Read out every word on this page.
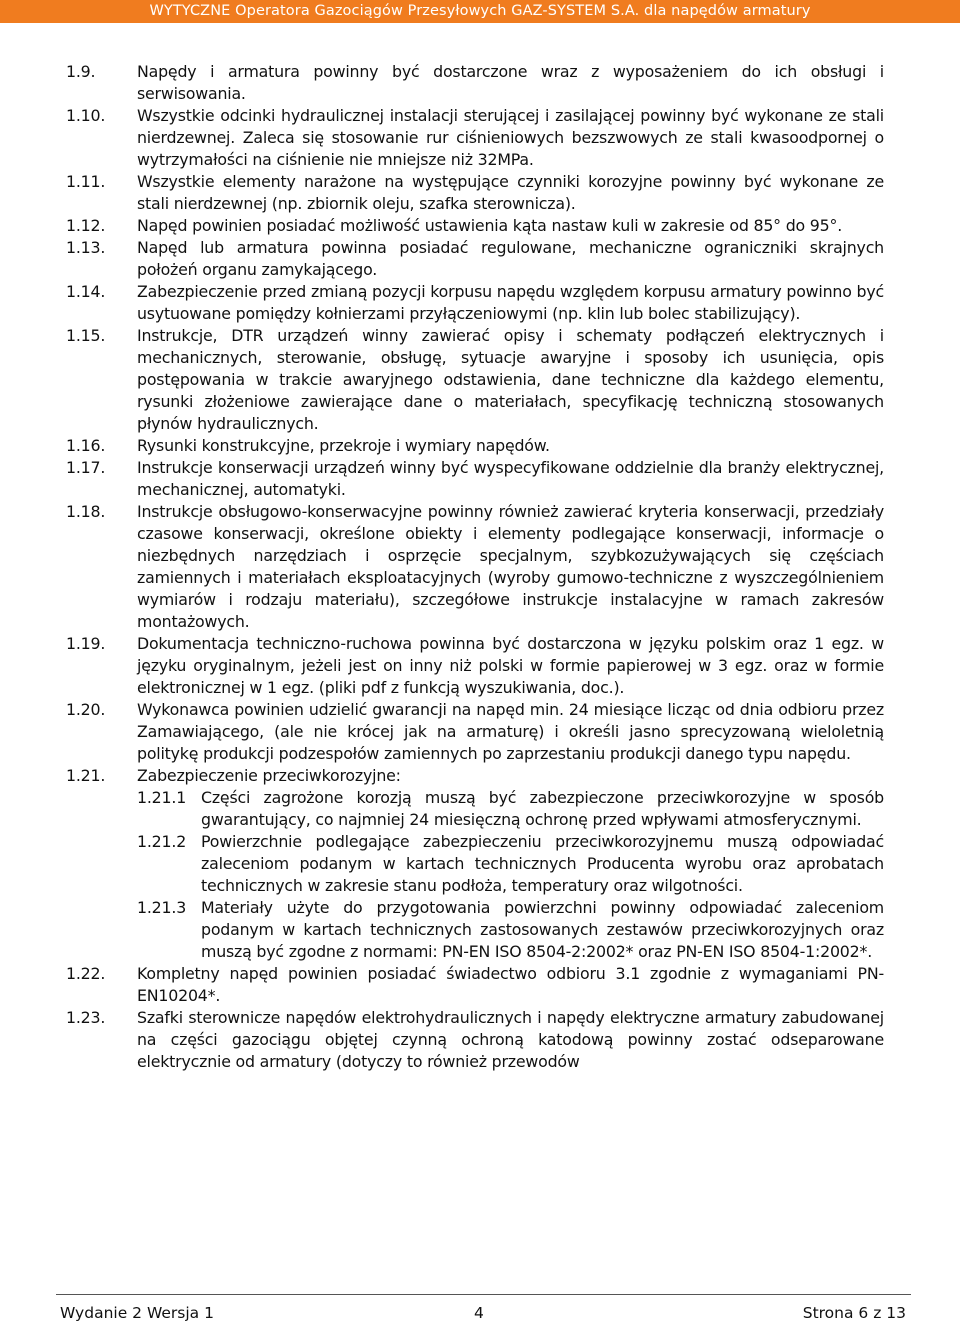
WYTYCZNE Operatora Gazociągów Przesyłowych GAZ-SYSTEM S.A. dla napędów armatury
1.9.	Napędy i armatura powinny być dostarczone wraz z wyposażeniem do ich obsługi i serwisowania.
1.10.	Wszystkie odcinki hydraulicznej instalacji sterującej i zasilającej powinny być wykonane ze stali nierdzewnej. Zaleca się stosowanie rur ciśnieniowych bezszwowych ze stali kwasoodpornej o wytrzymałości na ciśnienie nie mniejsze niż 32MPa.
1.11.	Wszystkie elementy narażone na występujące czynniki korozyjne powinny być wykonane ze stali nierdzewnej (np. zbiornik oleju, szafka sterownicza).
1.12.	Napęd powinien posiadać możliwość ustawienia kąta nastaw kuli w zakresie od 85° do 95°.
1.13.	Napęd lub armatura powinna posiadać regulowane, mechaniczne ograniczniki skrajnych położeń organu zamykającego.
1.14.	Zabezpieczenie przed zmianą pozycji korpusu napędu względem korpusu armatury powinno być usytuowane pomiędzy kołnierzami przyłączeniowymi (np. klin lub bolec stabilizujący).
1.15.	Instrukcje, DTR urządzeń winny zawierać opisy i schematy podłączeń elektrycznych i mechanicznych, sterowanie, obsługę, sytuacje awaryjne i sposoby ich usunięcia, opis postępowania w trakcie awaryjnego odstawienia, dane techniczne dla każdego elementu, rysunki złożeniowe zawierające dane o materiałach, specyfikację techniczną stosowanych płynów hydraulicznych.
1.16.	Rysunki konstrukcyjne, przekroje i wymiary napędów.
1.17.	Instrukcje konserwacji urządzeń winny być wyspecyfikowane oddzielnie dla branży elektrycznej, mechanicznej, automatyki.
1.18.	Instrukcje obsługowo-konserwacyjne powinny również zawierać kryteria konserwacji, przedziały czasowe konserwacji, określone obiekty i elementy podlegające konserwacji, informacje o niezbędnych narzędziach i osprzęcie specjalnym, szybkozużywających się częściach zamiennych i materiałach eksploatacyjnych (wyroby gumowo-techniczne z wyszczególnieniem wymiarów i rodzaju materiału), szczegółowe instrukcje instalacyjne w ramach zakresów montażowych.
1.19.	Dokumentacja techniczno-ruchowa powinna być dostarczona w języku polskim oraz 1 egz. w języku oryginalnym, jeżeli jest on inny niż polski w formie papierowej w 3 egz. oraz w formie elektronicznej w 1 egz. (pliki pdf z funkcją wyszukiwania, doc.).
1.20.	Wykonawca powinien udzielić gwarancji na napęd min. 24 miesiące licząc od dnia odbioru przez Zamawiającego, (ale nie krócej jak na armaturę) i określi jasno sprecyzowaną wieloletnią politykę produkcji podzespołów zamiennych po zaprzestaniu produkcji danego typu napędu.
1.21.	Zabezpieczenie przeciwkorozyjne:
1.21.1 Części zagrożone korozją muszą być zabezpieczone przeciwkorozyjne w sposób gwarantujący, co najmniej 24 miesięczną ochronę przed wpływami atmosferycznymi.
1.21.2 Powierzchnie podlegające zabezpieczeniu przeciwkorozyjnemu muszą odpowiadać zaleceniom podanym w kartach technicznych Producenta wyrobu oraz aprobatach technicznych w zakresie stanu podłoża, temperatury oraz wilgotności.
1.21.3 Materiały użyte do przygotowania powierzchni powinny odpowiadać zaleceniom podanym w kartach technicznych zastosowanych zestawów przeciwkorozyjnych oraz muszą być zgodne z normami: PN-EN ISO 8504-2:2002* oraz PN-EN ISO 8504-1:2002*.
1.22.	Kompletny napęd powinien posiadać świadectwo odbioru 3.1 zgodnie z wymaganiami PN-EN10204*.
1.23.	Szafki sterownicze napędów elektrohydraulicznych i napędy elektryczne armatury zabudowanej na części gazociągu objętej czynną ochroną katodową powinny zostać odseparowane elektrycznie od armatury (dotyczy to również przewodów
Wydanie 2 Wersja 1	4	Strona 6 z 13
